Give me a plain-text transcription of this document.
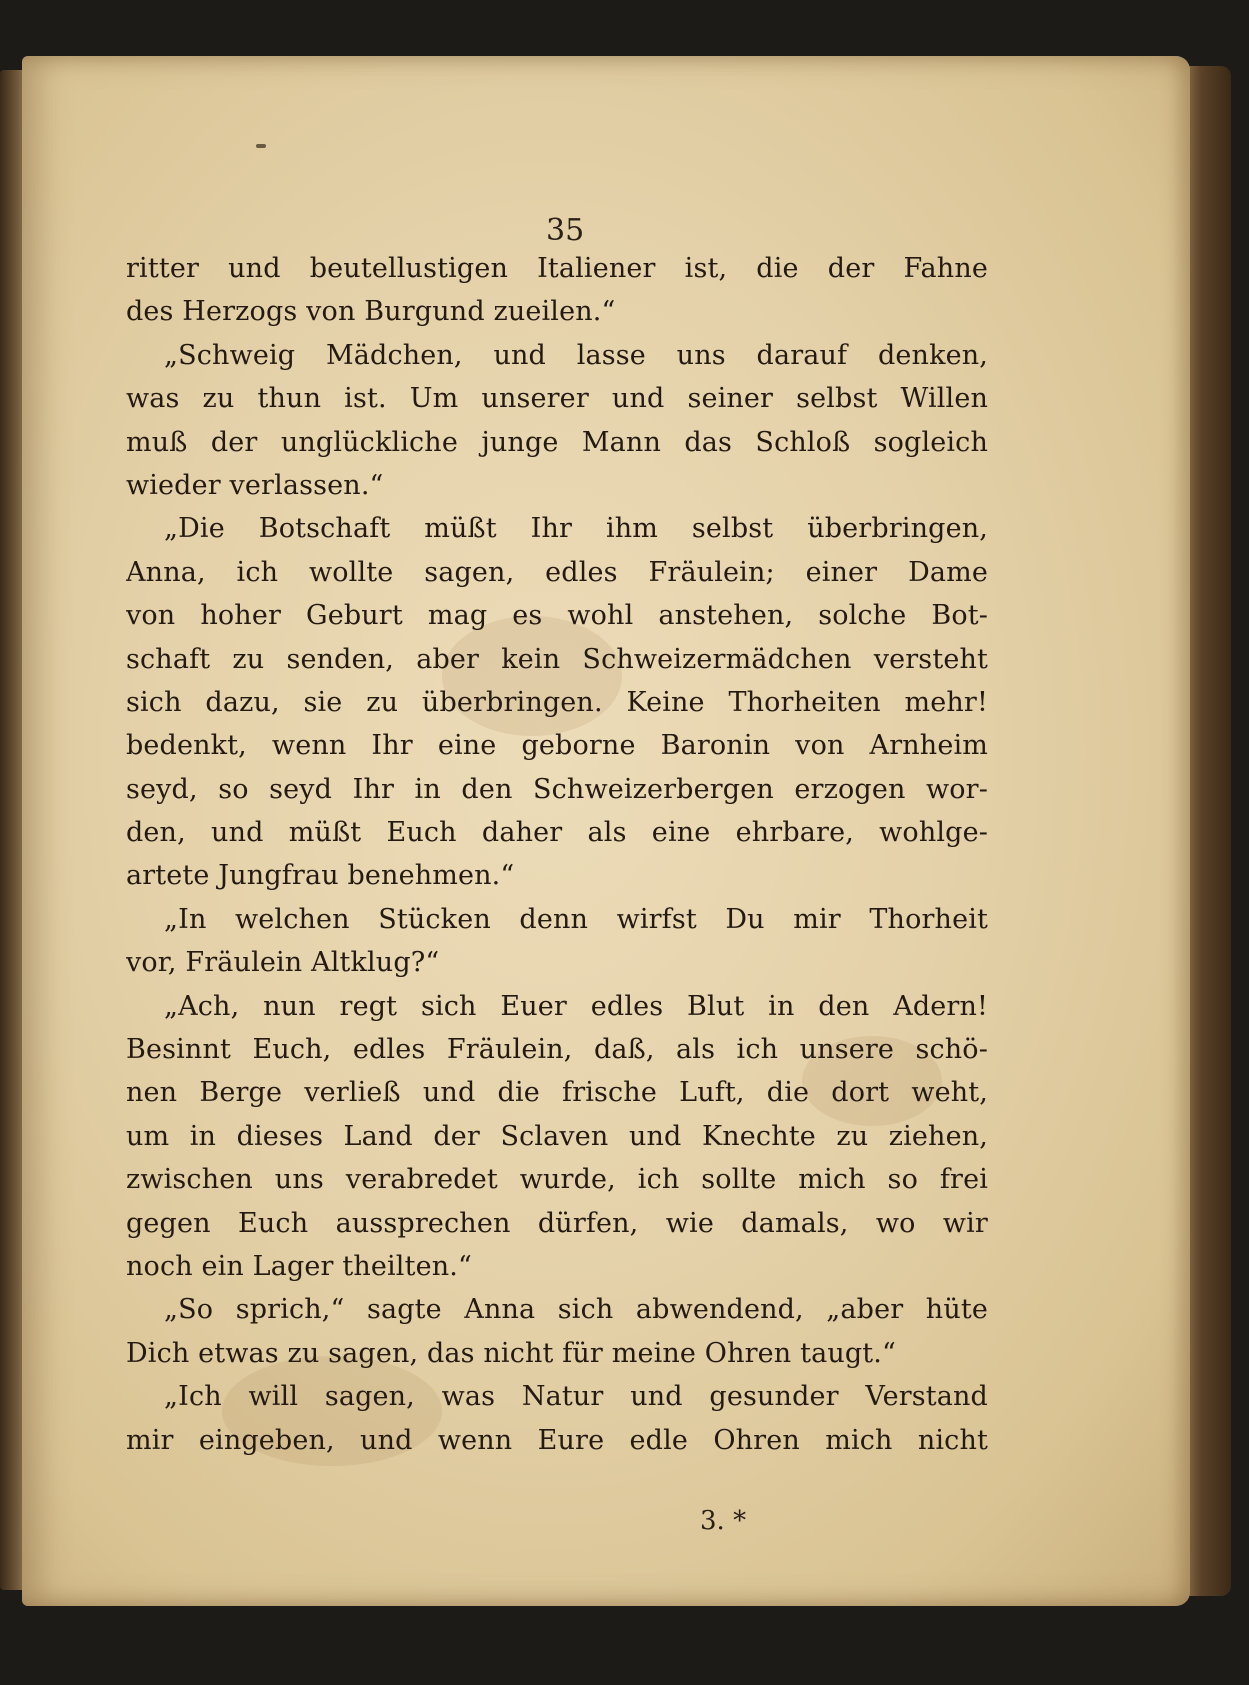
35
ritter und beutellustigen Italiener ist, die der Fahne
des Herzogs von Burgund zueilen.“
„Schweig Mädchen, und lasse uns darauf denken,
was zu thun ist. Um unserer und seiner selbst Willen
muß der unglückliche junge Mann das Schloß sogleich
wieder verlassen.“
„Die Botschaft müßt Ihr ihm selbst überbringen,
Anna, ich wollte sagen, edles Fräulein; einer Dame
von hoher Geburt mag es wohl anstehen, solche Bot-
schaft zu senden, aber kein Schweizermädchen versteht
sich dazu, sie zu überbringen. Keine Thorheiten mehr!
bedenkt, wenn Ihr eine geborne Baronin von Arnheim
seyd, so seyd Ihr in den Schweizerbergen erzogen wor-
den, und müßt Euch daher als eine ehrbare, wohlge-
artete Jungfrau benehmen.“
„In welchen Stücken denn wirfst Du mir Thorheit
vor, Fräulein Altklug?“
„Ach, nun regt sich Euer edles Blut in den Adern!
Besinnt Euch, edles Fräulein, daß, als ich unsere schö-
nen Berge verließ und die frische Luft, die dort weht,
um in dieses Land der Sclaven und Knechte zu ziehen,
zwischen uns verabredet wurde, ich sollte mich so frei
gegen Euch aussprechen dürfen, wie damals, wo wir
noch ein Lager theilten.“
„So sprich,“ sagte Anna sich abwendend, „aber hüte
Dich etwas zu sagen, das nicht für meine Ohren taugt.“
„Ich will sagen, was Natur und gesunder Verstand
mir eingeben, und wenn Eure edle Ohren mich nicht
3. *
